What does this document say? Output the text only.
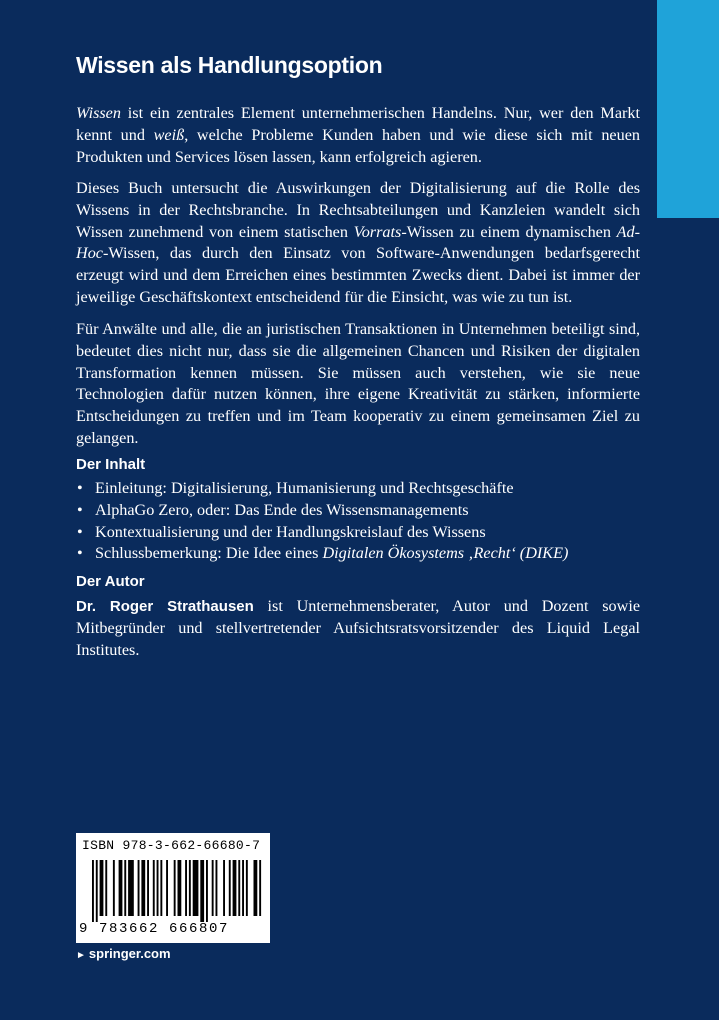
Wissen als Handlungsoption

Wissen ist ein zentrales Element unternehmerischen Handelns. Nur, wer den Markt kennt und weiß, welche Probleme Kunden haben und wie diese sich mit neuen Produkten und Services lösen lassen, kann erfolgreich agieren.

Dieses Buch untersucht die Auswirkungen der Digitalisierung auf die Rolle des Wissens in der Rechtsbranche. In Rechtsabteilungen und Kanzleien wandelt sich Wissen zunehmend von einem statischen Vorrats-Wissen zu einem dynamischen Ad-Hoc-Wissen, das durch den Einsatz von Software-Anwendungen bedarfsgerecht erzeugt wird und dem Erreichen eines bestimmten Zwecks dient. Dabei ist immer der jeweilige Geschäftskontext entscheidend für die Einsicht, was wie zu tun ist.

Für Anwälte und alle, die an juristischen Transaktionen in Unternehmen beteiligt sind, bedeutet dies nicht nur, dass sie die allgemeinen Chancen und Risiken der digitalen Transformation kennen müssen. Sie müssen auch verstehen, wie sie neue Technologien dafür nutzen können, ihre eigene Kreativität zu stärken, informierte Entscheidungen zu treffen und im Team kooperativ zu einem gemeinsamen Ziel zu gelangen.

Der Inhalt
• Einleitung: Digitalisierung, Humanisierung und Rechtsgeschäfte
• AlphaGo Zero, oder: Das Ende des Wissensmanagements
• Kontextualisierung und der Handlungskreislauf des Wissens
• Schlussbemerkung: Die Idee eines Digitalen Ökosystems ‚Recht‘ (DIKE)
Der Autor
Dr. Roger Strathausen ist Unternehmensberater, Autor und Dozent sowie Mitbegründer und stellvertretender Aufsichtsratsvorsitzender des Liquid Legal Institutes.
ISBN 978-3-662-66680-7
9 783662 666807
► springer.com
